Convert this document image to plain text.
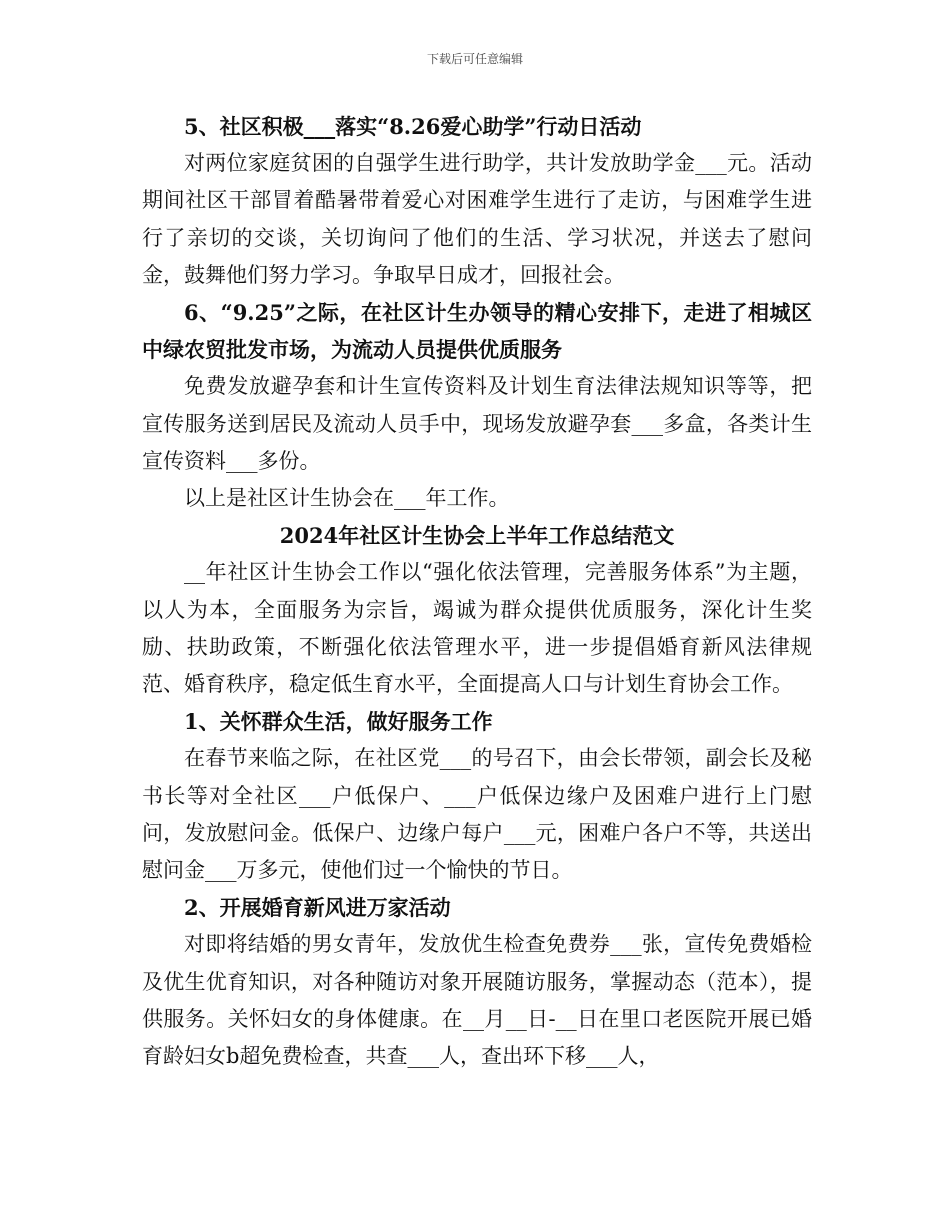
下载后可任意编辑

5、社区积极___落实“8.26爱心助学”行动日活动

对两位家庭贫困的自强学生进行助学，共计发放助学金___元。活动期间社区干部冒着酷暑带着爱心对困难学生进行了走访，与困难学生进行了亲切的交谈，关切询问了他们的生活、学习状况，并送去了慰问金，鼓舞他们努力学习。争取早日成才，回报社会。

6、“9.25”之际，在社区计生办领导的精心安排下，走进了相城区中绿农贸批发市场，为流动人员提供优质服务

免费发放避孕套和计生宣传资料及计划生育法律法规知识等等，把宣传服务送到居民及流动人员手中，现场发放避孕套___多盒，各类计生宣传资料___多份。

以上是社区计生协会在___年工作。

2024年社区计生协会上半年工作总结范文

__年社区计生协会工作以“强化依法管理，完善服务体系”为主题，以人为本，全面服务为宗旨，竭诚为群众提供优质服务，深化计生奖励、扶助政策，不断强化依法管理水平，进一步提倡婚育新风法律规范、婚育秩序，稳定低生育水平，全面提高人口与计划生育协会工作。

1、关怀群众生活，做好服务工作

在春节来临之际，在社区党___的号召下，由会长带领，副会长及秘书长等对全社区___户低保户、___户低保边缘户及困难户进行上门慰问，发放慰问金。低保户、边缘户每户___元，困难户各户不等，共送出慰问金___万多元，使他们过一个愉快的节日。

2、开展婚育新风进万家活动

对即将结婚的男女青年，发放优生检查免费券___张，宣传免费婚检及优生优育知识，对各种随访对象开展随访服务，掌握动态（范本），提供服务。关怀妇女的身体健康。在__月__日-__日在里口老医院开展已婚育龄妇女b超免费检查，共查___人，查出环下移___人，
